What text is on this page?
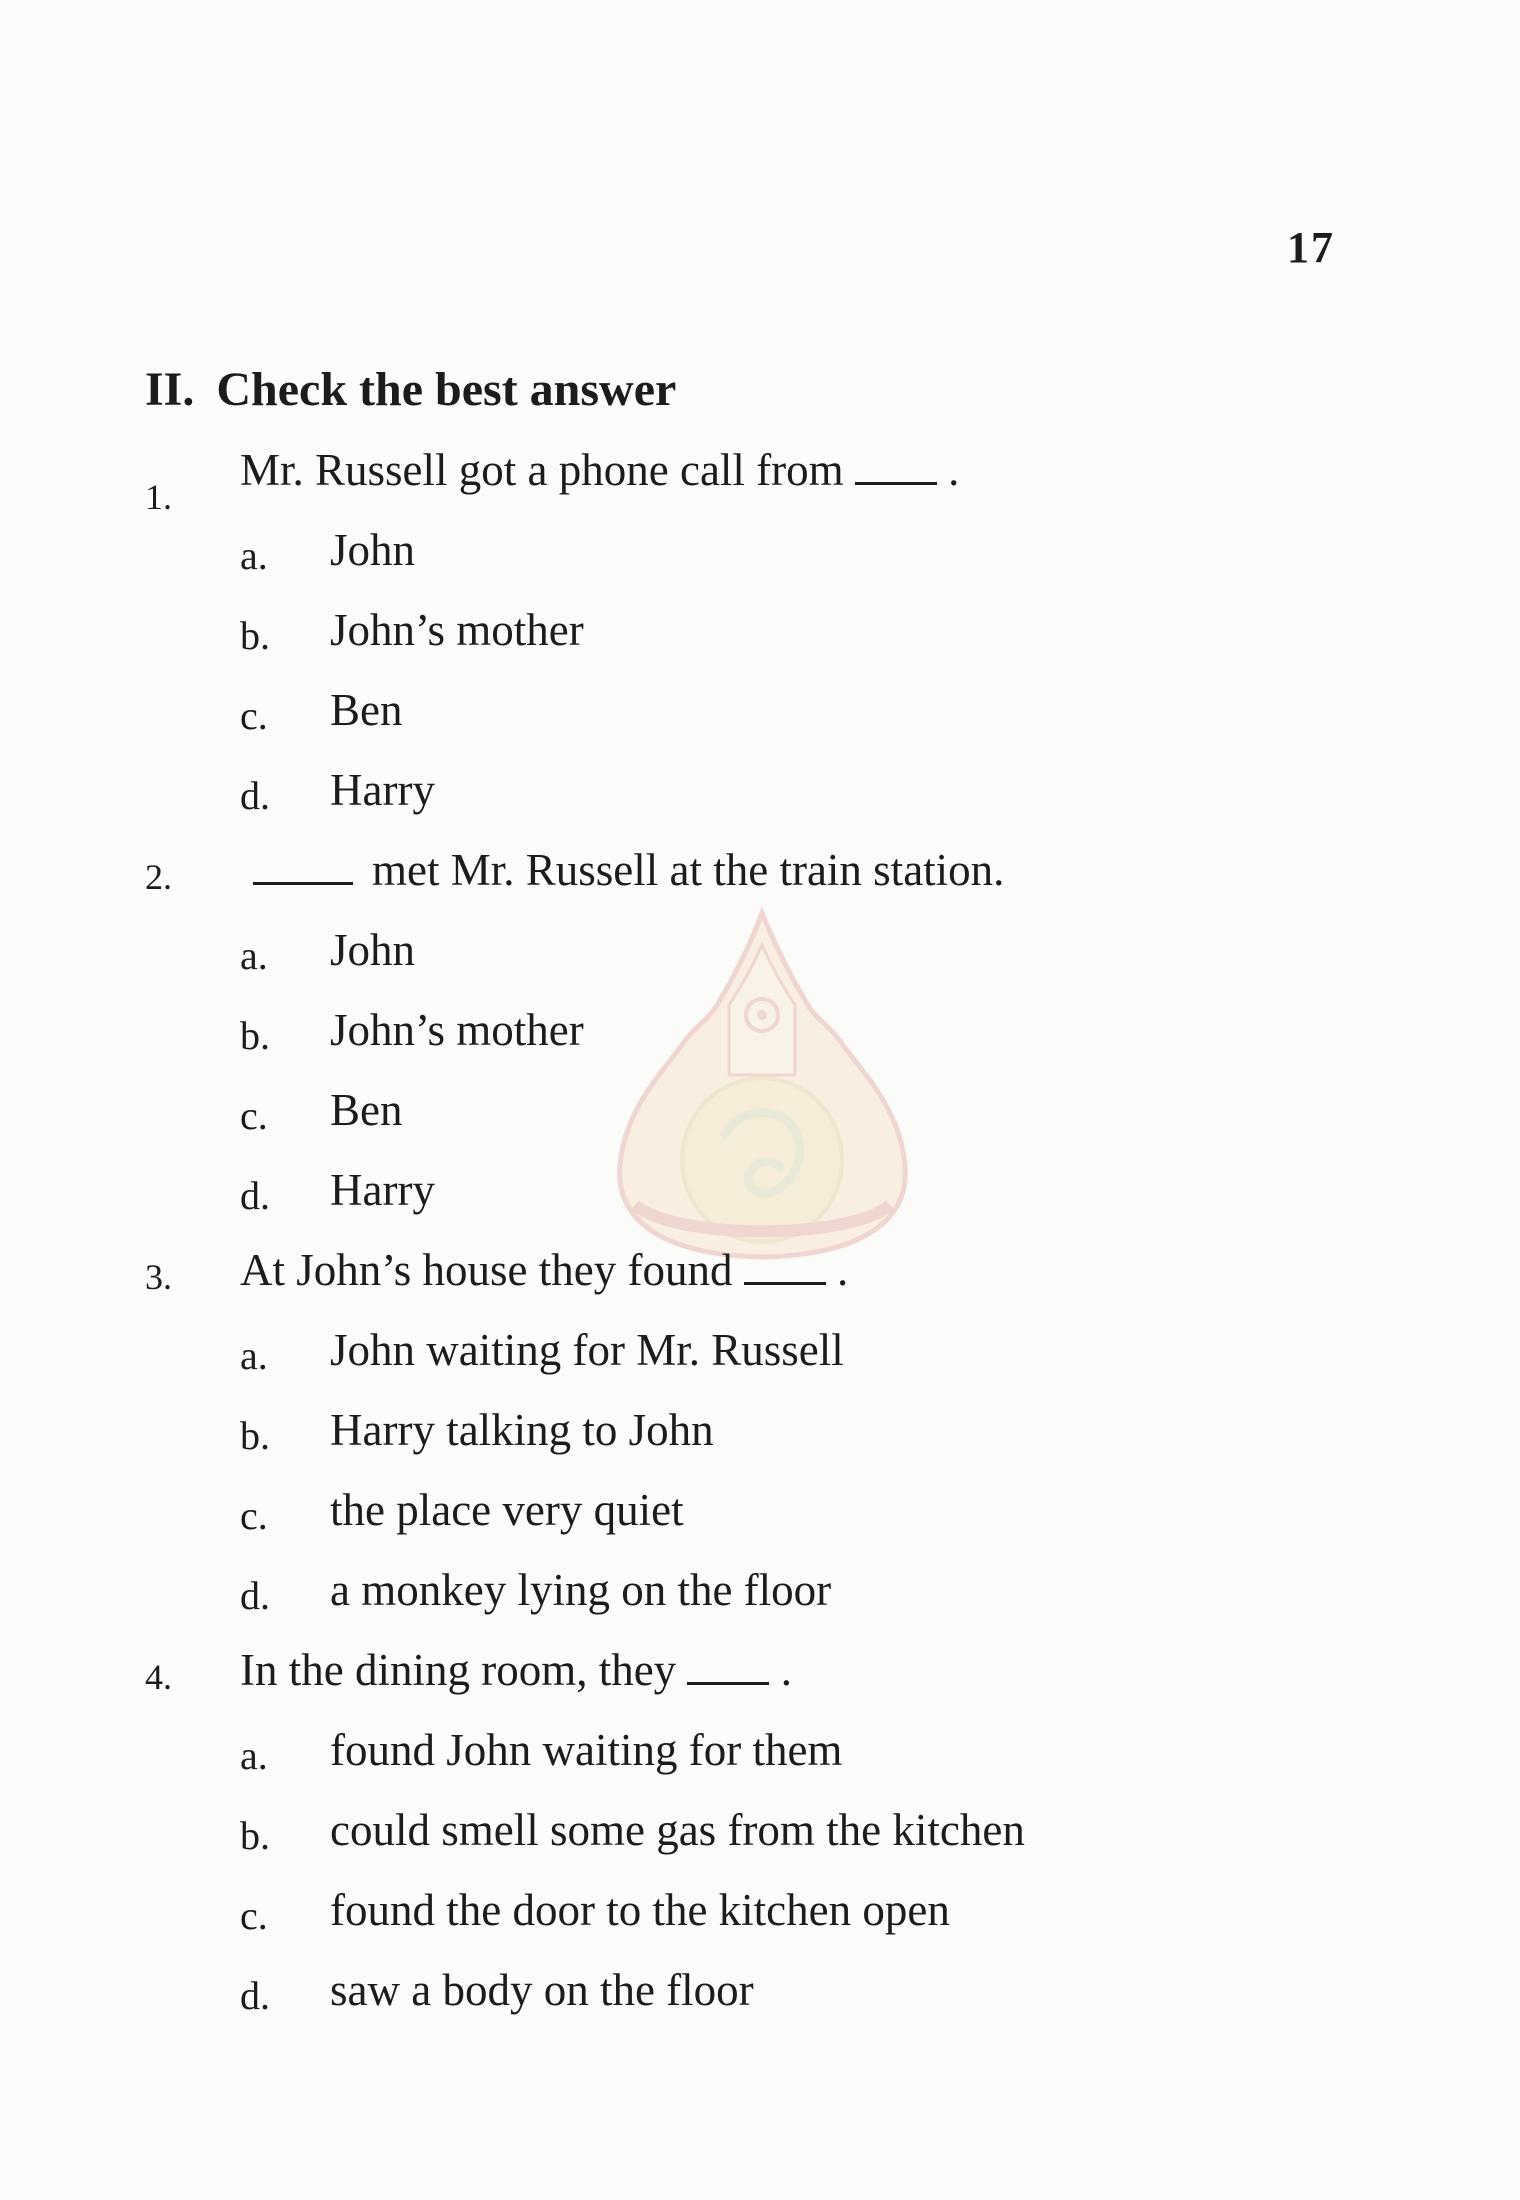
17
II. Check the best answer
1.
Mr. Russell got a phone call from .
a. John
b. John’s mother
c. Ben
d. Harry
2.	met Mr. Russell at the train station.
a. John
b. John’s mother
c. Ben
d. Harry
3. At John’s house they found .
a. John waiting for Mr. Russell
b. Harry talking to John
c. the place very quiet
d. a monkey lying on the floor
4. In the dining room, they .
a. found John waiting for them
b. could smell some gas from the kitchen
c. found the door to the kitchen open
d. saw a body on the floor
